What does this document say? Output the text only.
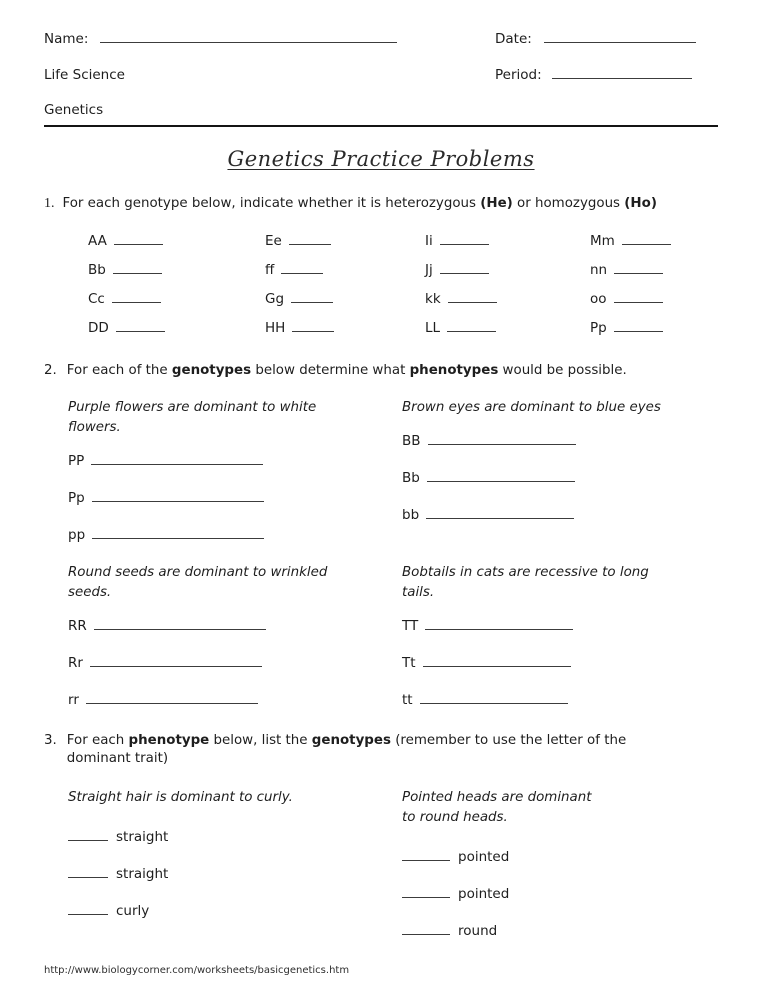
Name:	Date:
Life Science	Period:
Genetics
Genetics Practice Problems
1. For each genotype below, indicate whether it is heterozygous (He) or homozygous (Ho)
AA	Ee	Ii	Mm
Bb	ff	Jj	nn
Cc	Gg	kk	oo
DD	HH	LL	Pp
2. For each of the genotypes below determine what phenotypes would be possible.
Purple flowers are dominant to white
flowers.
PP
Pp
pp
Brown eyes are dominant to blue eyes
BB
Bb
bb
Round seeds are dominant to wrinkled
seeds.
RR
Rr
rr
Bobtails in cats are recessive to long
tails.
TT
Tt
tt
3. For each phenotype below, list the genotypes (remember to use the letter of the
dominant trait)
Straight hair is dominant to curly.
straight
straight
curly
Pointed heads are dominant
to round heads.
pointed
pointed
round
http://www.biologycorner.com/worksheets/basicgenetics.htm
